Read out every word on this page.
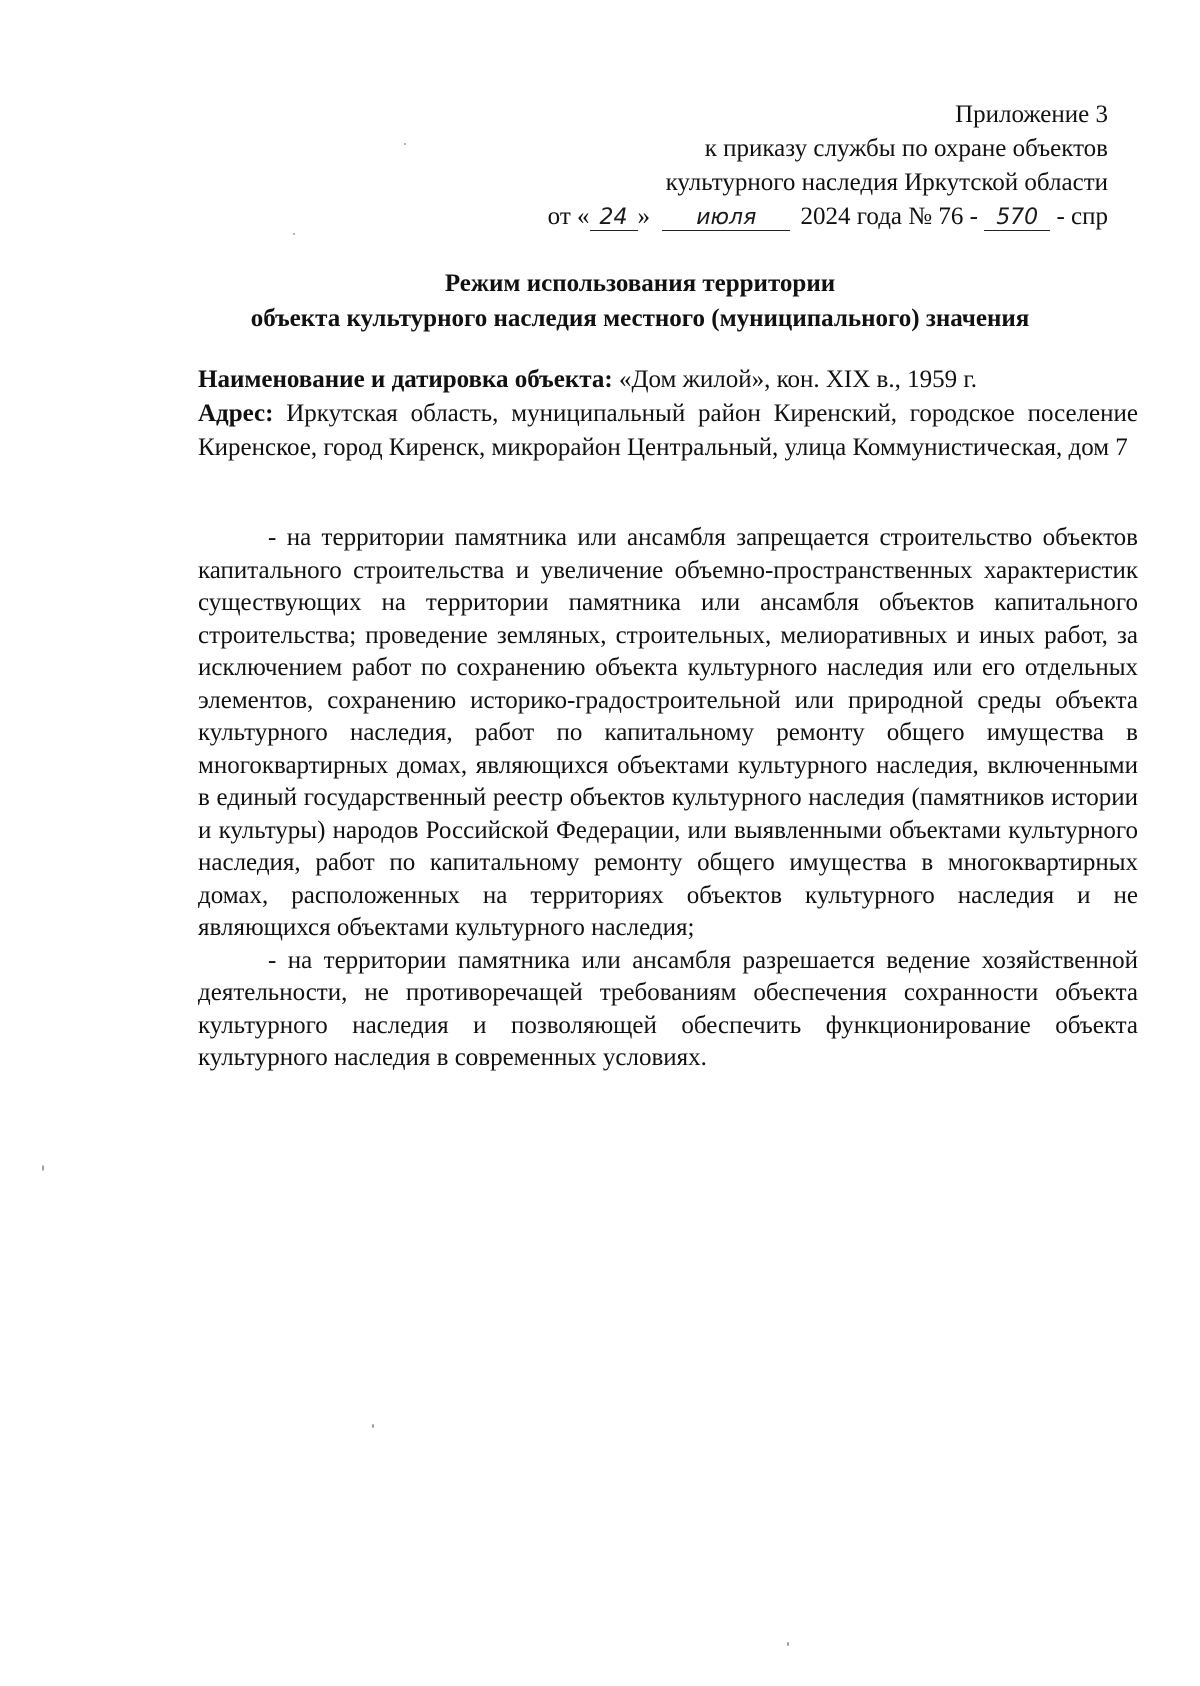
Приложение 3
к приказу службы по охране объектов
культурного наследия Иркутской области
от « 24 » июля 2024 года № 76 - 570 - спр
Режим использования территории
объекта культурного наследия местного (муниципального) значения

Наименование и датировка объекта: «Дом жилой», кон. XIX в., 1959 г.

Адрес: Иркутская область, муниципальный район Киренский, городское поселение Киренское, город Киренск, микрорайон Центральный, улица Коммунистическая, дом 7

- на территории памятника или ансамбля запрещается строительство объектов капитального строительства и увеличение объемно-пространственных характеристик существующих на территории памятника или ансамбля объектов капитального строительства; проведение земляных, строительных, мелиоративных и иных работ, за исключением работ по сохранению объекта культурного наследия или его отдельных элементов, сохранению историко-градостроительной или природной среды объекта культурного наследия, работ по капитальному ремонту общего имущества в многоквартирных домах, являющихся объектами культурного наследия, включенными в единый государственный реестр объектов культурного наследия (памятников истории и культуры) народов Российской Федерации, или выявленными объектами культурного наследия, работ по капитальному ремонту общего имущества в многоквартирных домах, расположенных на территориях объектов культурного наследия и не являющихся объектами культурного наследия;

- на территории памятника или ансамбля разрешается ведение хозяйственной деятельности, не противоречащей требованиям обеспечения сохранности объекта культурного наследия и позволяющей обеспечить функционирование объекта культурного наследия в современных условиях.
